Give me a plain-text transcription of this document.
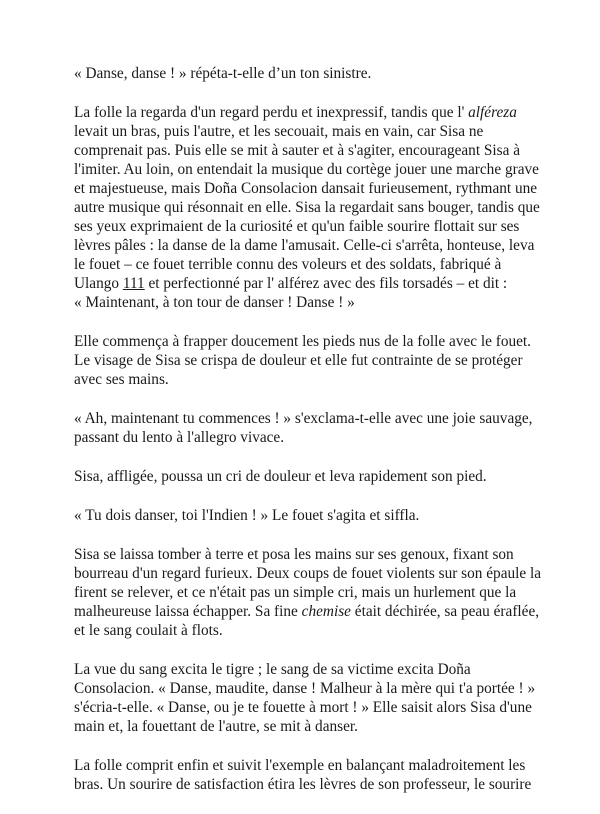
« Danse, danse ! » répéta-t-elle d’un ton sinistre.

La folle la regarda d'un regard perdu et inexpressif, tandis que l' alféreza
levait un bras, puis l'autre, et les secouait, mais en vain, car Sisa ne
comprenait pas. Puis elle se mit à sauter et à s'agiter, encourageant Sisa à
l'imiter. Au loin, on entendait la musique du cortège jouer une marche grave
et majestueuse, mais Doña Consolacion dansait furieusement, rythmant une
autre musique qui résonnait en elle. Sisa la regardait sans bouger, tandis que
ses yeux exprimaient de la curiosité et qu'un faible sourire flottait sur ses
lèvres pâles : la danse de la dame l'amusait. Celle-ci s'arrêta, honteuse, leva
le fouet – ce fouet terrible connu des voleurs et des soldats, fabriqué à
Ulango 111 et perfectionné par l' alférez avec des fils torsadés – et dit :
« Maintenant, à ton tour de danser ! Danse ! »

Elle commença à frapper doucement les pieds nus de la folle avec le fouet.
Le visage de Sisa se crispa de douleur et elle fut contrainte de se protéger
avec ses mains.

« Ah, maintenant tu commences ! » s'exclama-t-elle avec une joie sauvage,
passant du lento à l'allegro vivace.

Sisa, affligée, poussa un cri de douleur et leva rapidement son pied.

« Tu dois danser, toi l'Indien ! » Le fouet s'agita et siffla.

Sisa se laissa tomber à terre et posa les mains sur ses genoux, fixant son
bourreau d'un regard furieux. Deux coups de fouet violents sur son épaule la
firent se relever, et ce n'était pas un simple cri, mais un hurlement que la
malheureuse laissa échapper. Sa fine chemise était déchirée, sa peau éraflée,
et le sang coulait à flots.

La vue du sang excita le tigre ; le sang de sa victime excita Doña
Consolacion. « Danse, maudite, danse ! Malheur à la mère qui t'a portée ! »
s'écria-t-elle. « Danse, ou je te fouette à mort ! » Elle saisit alors Sisa d'une
main et, la fouettant de l'autre, se mit à danser.

La folle comprit enfin et suivit l'exemple en balançant maladroitement les
bras. Un sourire de satisfaction étira les lèvres de son professeur, le sourire
